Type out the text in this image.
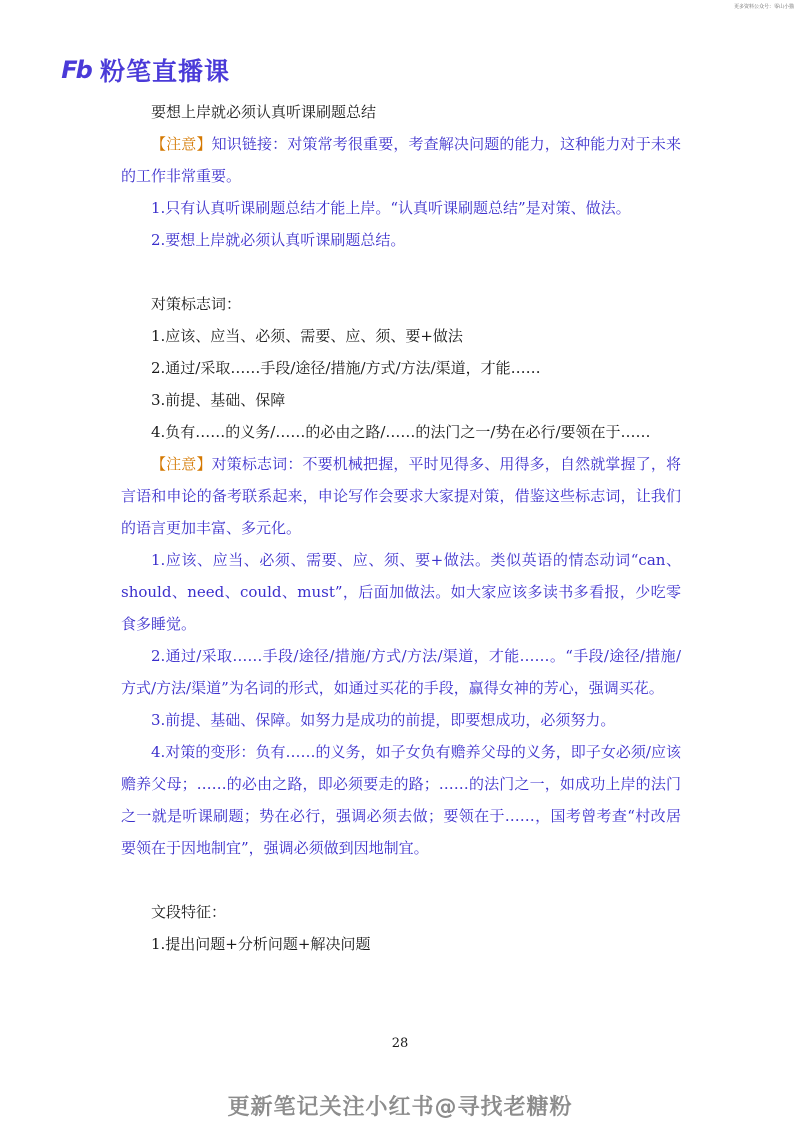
更多资料公众号：零山小猫
Fb 粉笔直播课

要想上岸就必须认真听课刷题总结

【注意】知识链接：对策常考很重要，考查解决问题的能力，这种能力对于未来的工作非常重要。

1.只有认真听课刷题总结才能上岸。“认真听课刷题总结”是对策、做法。

2.要想上岸就必须认真听课刷题总结。

对策标志词：

1.应该、应当、必须、需要、应、须、要+做法

2.通过/采取……手段/途径/措施/方式/方法/渠道，才能……

3.前提、基础、保障

4.负有……的义务/……的必由之路/……的法门之一/势在必行/要领在于……

【注意】对策标志词：不要机械把握，平时见得多、用得多，自然就掌握了，将言语和申论的备考联系起来，申论写作会要求大家提对策，借鉴这些标志词，让我们的语言更加丰富、多元化。

1.应该、应当、必须、需要、应、须、要+做法。类似英语的情态动词“can、should、need、could、must”，后面加做法。如大家应该多读书多看报，少吃零食多睡觉。

2.通过/采取……手段/途径/措施/方式/方法/渠道，才能……。“手段/途径/措施/方式/方法/渠道”为名词的形式，如通过买花的手段，赢得女神的芳心，强调买花。

3.前提、基础、保障。如努力是成功的前提，即要想成功，必须努力。

4.对策的变形：负有……的义务，如子女负有赡养父母的义务，即子女必须/应该赡养父母；……的必由之路，即必须要走的路；……的法门之一，如成功上岸的法门之一就是听课刷题；势在必行，强调必须去做；要领在于……，国考曾考查“村改居要领在于因地制宜”，强调必须做到因地制宜。

文段特征：

1.提出问题+分析问题+解决问题

28
更新笔记关注小红书@寻找老糖粉
